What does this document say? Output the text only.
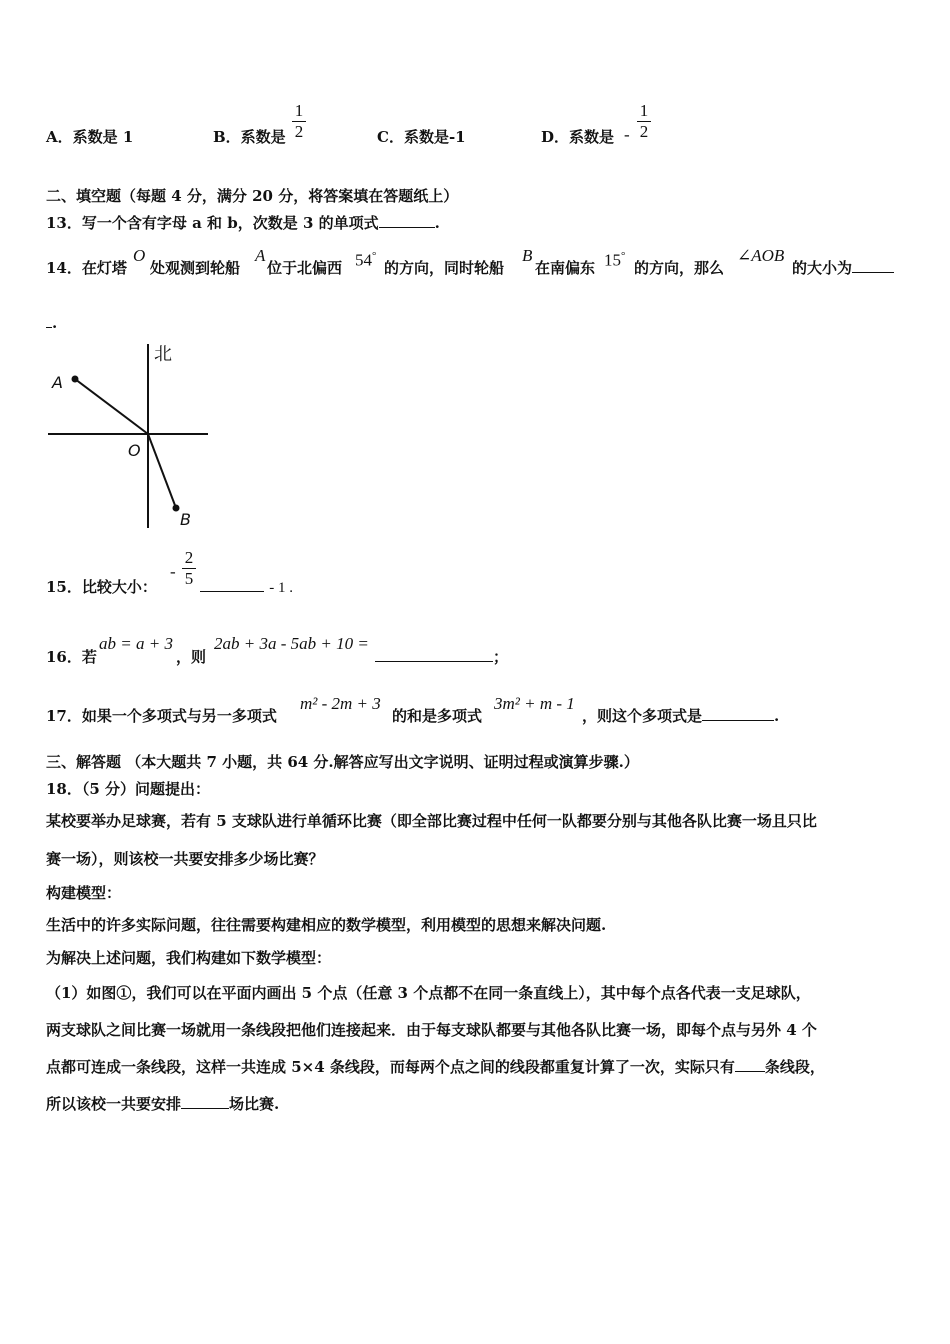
A．系数是 1	B．系数是
1
2	C．系数是-1	D．系数是 -
1
2
二、填空题（每题 4 分，满分 20 分，将答案填在答题纸上）
13．写一个含有字母 a 和 b，次数是 3 的单项式	.
14．在灯塔
O
处观测到轮船
A
位于北偏西 54°
的方向，同时轮船
B
在南偏东 15°
的方向，那么
∠AOB
的大小为
.
北
A
O
B
15．比较大小：
-
2
5	- 1 .
16．若
ab = a + 3
，则
2ab + 3a - 5ab + 10 =
；
17．如果一个多项式与另一多项式
m² - 2m + 3
的和是多项式
3m² + m - 1
，则这个多项式是	.
三、解答题 （本大题共 7 小题，共 64 分.解答应写出文字说明、证明过程或演算步骤.）
18．（5 分）问题提出：
某校要举办足球赛，若有 5 支球队进行单循环比赛（即全部比赛过程中任何一队都要分别与其他各队比赛一场且只比
赛一场），则该校一共要安排多少场比赛？
构建模型：
生活中的许多实际问题，往往需要构建相应的数学模型，利用模型的思想来解决问题.
为解决上述问题，我们构建如下数学模型：
（1）如图①，我们可以在平面内画出 5 个点（任意 3 个点都不在同一条直线上），其中每个点各代表一支足球队，
两支球队之间比赛一场就用一条线段把他们连接起来．由于每支球队都要与其他各队比赛一场，即每个点与另外 4 个
点都可连成一条线段，这样一共连成 5×4 条线段，而每两个点之间的线段都重复计算了一次，实际只有 条线段，
所以该校一共要安排	场比赛.
